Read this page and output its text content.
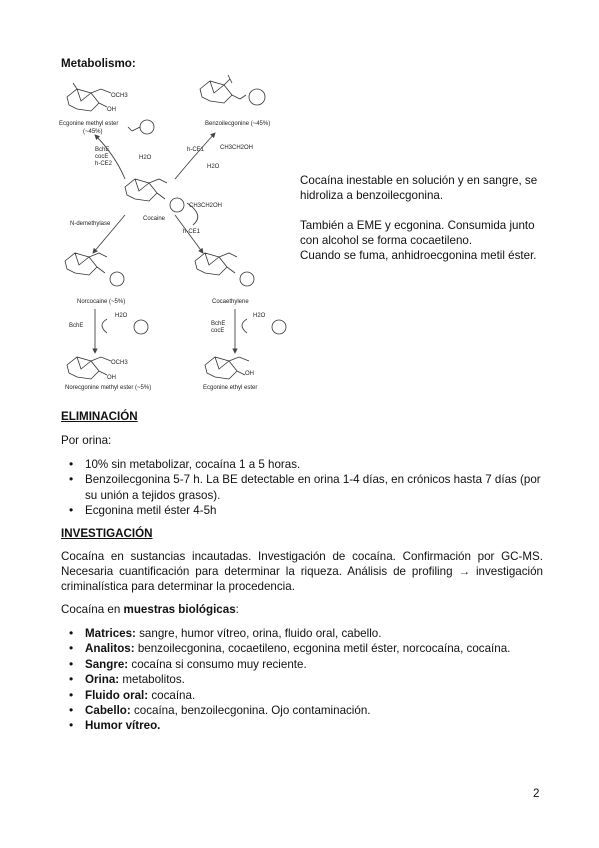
Metabolismo:
OCH3
OH
Ecgonine methyl ester
(~45%)
Benzoilecgonine (~45%)
BchE
cocE
h-CE2
H2O
h-CE1	CH3CH2OH
H2O
Cocaine
N-demethylase
CH3CH2OH
h-CE1
Norcocaine (~5%)	Cocaethylene
BchE
H2O
BchE
cocE
H2O
OCH3
OH
Norecgonine methyl ester (~5%)
OH
Ecgonine ethyl ester
Cocaína inestable en solución y en sangre, se hidroliza a benzoilecgonina.
También a EME y ecgonina. Consumida junto con alcohol se forma cocaetileno.
Cuando se fuma, anhidroecgonina metil éster.
ELIMINACIÓN
Por orina:
• 10% sin metabolizar, cocaína 1 a 5 horas.
• Benzoilecgonina 5-7 h. La BE detectable en orina 1-4 días, en crónicos hasta 7 días (por su unión a tejidos grasos).
• Ecgonina metil éster 4-5h
INVESTIGACIÓN
Cocaína en sustancias incautadas. Investigación de cocaína. Confirmación por GC-MS. Necesaria cuantificación para determinar la riqueza. Análisis de profiling → investigación criminalística para determinar la procedencia.
Cocaína en muestras biológicas:
• Matrices: sangre, humor vítreo, orina, fluido oral, cabello.
• Analitos: benzoilecgonina, cocaetileno, ecgonina metil éster, norcocaína, cocaína.
• Sangre: cocaína si consumo muy reciente.
• Orina: metabolitos.
• Fluido oral: cocaína.
• Cabello: cocaína, benzoilecgonina. Ojo contaminación.
• Humor vítreo.
2
